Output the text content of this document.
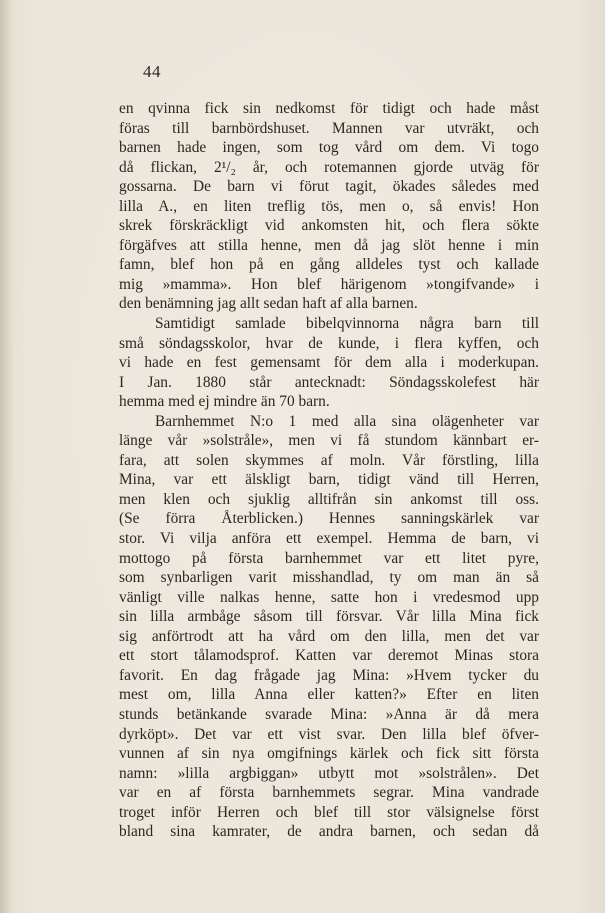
44
en qvinna fick sin nedkomst för tidigt och hade måst
föras till barnbördshuset. Mannen var utvräkt, och
barnen hade ingen, som tog vård om dem. Vi togo
då flickan, 2¹/₂ år, och rotemannen gjorde utväg för
gossarna. De barn vi förut tagit, ökades således med
lilla A., en liten treflig tös, men o, så envis! Hon
skrek förskräckligt vid ankomsten hit, och flera sökte
förgäfves att stilla henne, men då jag slöt henne i min
famn, blef hon på en gång alldeles tyst och kallade
mig »mamma». Hon blef härigenom »tongifvande» i
den benämning jag allt sedan haft af alla barnen.
Samtidigt samlade bibelqvinnorna några barn till
små söndagsskolor, hvar de kunde, i flera kyffen, och
vi hade en fest gemensamt för dem alla i moderkupan.
I Jan. 1880 står antecknadt: Söndagsskolefest här
hemma med ej mindre än 70 barn.
Barnhemmet N:o 1 med alla sina olägenheter var
länge vår »solstråle», men vi få stundom kännbart er-
fara, att solen skymmes af moln. Vår förstling, lilla
Mina, var ett älskligt barn, tidigt vänd till Herren,
men klen och sjuklig alltifrån sin ankomst till oss.
(Se förra Återblicken.) Hennes sanningskärlek var
stor. Vi vilja anföra ett exempel. Hemma de barn, vi
mottogo på första barnhemmet var ett litet pyre,
som synbarligen varit misshandlad, ty om man än så
vänligt ville nalkas henne, satte hon i vredesmod upp
sin lilla armbåge såsom till försvar. Vår lilla Mina fick
sig anförtrodt att ha vård om den lilla, men det var
ett stort tålamodsprof. Katten var deremot Minas stora
favorit. En dag frågade jag Mina: »Hvem tycker du
mest om, lilla Anna eller katten?» Efter en liten
stunds betänkande svarade Mina: »Anna är då mera
dyrköpt». Det var ett vist svar. Den lilla blef öfver-
vunnen af sin nya omgifnings kärlek och fick sitt första
namn: »lilla argbiggan» utbytt mot »solstrålen». Det
var en af första barnhemmets segrar. Mina vandrade
troget inför Herren och blef till stor välsignelse först
bland sina kamrater, de andra barnen, och sedan då
